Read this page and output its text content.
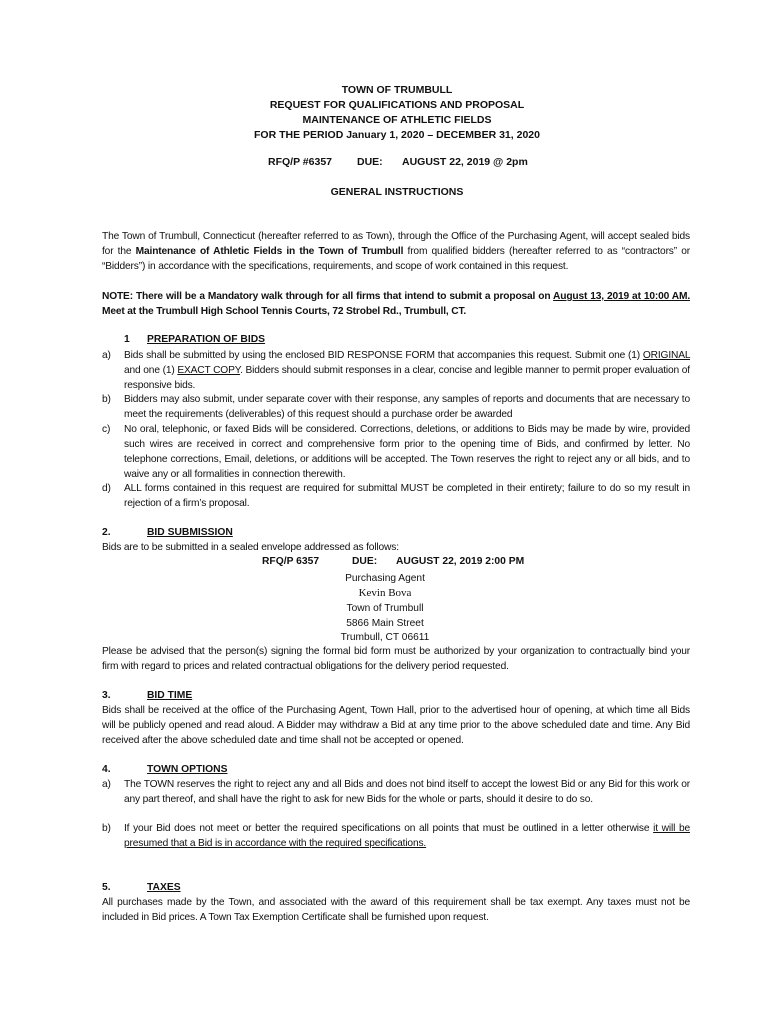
TOWN OF TRUMBULL
REQUEST FOR QUALIFICATIONS AND PROPOSAL
MAINTENANCE OF ATHLETIC FIELDS
FOR THE PERIOD January 1, 2020 – DECEMBER 31, 2020
RFQ/P #6357 DUE: AUGUST 22, 2019 @ 2pm
GENERAL INSTRUCTIONS
The Town of Trumbull, Connecticut (hereafter referred to as Town), through the Office of the Purchasing Agent, will accept sealed bids for the Maintenance of Athletic Fields in the Town of Trumbull from qualified bidders (hereafter referred to as “contractors” or “Bidders”) in accordance with the specifications, requirements, and scope of work contained in this request.
NOTE: There will be a Mandatory walk through for all firms that intend to submit a proposal on August 13, 2019 at 10:00 AM. Meet at the Trumbull High School Tennis Courts, 72 Strobel Rd., Trumbull, CT.
1 PREPARATION OF BIDS
a)	Bids shall be submitted by using the enclosed BID RESPONSE FORM that accompanies this request. Submit one (1) ORIGINAL and one (1) EXACT COPY. Bidders should submit responses in a clear, concise and legible manner to permit proper evaluation of responsive bids.
b)	Bidders may also submit, under separate cover with their response, any samples of reports and documents that are necessary to meet the requirements (deliverables) of this request should a purchase order be awarded
c)	No oral, telephonic, or faxed Bids will be considered. Corrections, deletions, or additions to Bids may be made by wire, provided such wires are received in correct and comprehensive form prior to the opening time of Bids, and confirmed by letter. No telephone corrections, Email, deletions, or additions will be accepted. The Town reserves the right to reject any or all bids, and to waive any or all formalities in connection therewith.
d)	ALL forms contained in this request are required for submittal MUST be completed in their entirety; failure to do so my result in rejection of a firm’s proposal.
2.	BID SUBMISSION
Bids are to be submitted in a sealed envelope addressed as follows:
RFQ/P 6357	DUE: AUGUST 22, 2019 2:00 PM
Purchasing Agent
Kevin Bova
Town of Trumbull
5866 Main Street
Trumbull, CT 06611
Please be advised that the person(s) signing the formal bid form must be authorized by your organization to contractually bind your firm with regard to prices and related contractual obligations for the delivery period requested.
3.	BID TIME
Bids shall be received at the office of the Purchasing Agent, Town Hall, prior to the advertised hour of opening, at which time all Bids will be publicly opened and read aloud. A Bidder may withdraw a Bid at any time prior to the above scheduled date and time. Any Bid received after the above scheduled date and time shall not be accepted or opened.
4.	TOWN OPTIONS
a)	The TOWN reserves the right to reject any and all Bids and does not bind itself to accept the lowest Bid or any Bid for this work or any part thereof, and shall have the right to ask for new Bids for the whole or parts, should it desire to do so.
b)	If your Bid does not meet or better the required specifications on all points that must be outlined in a letter otherwise it will be presumed that a Bid is in accordance with the required specifications.
5.	TAXES
All purchases made by the Town, and associated with the award of this requirement shall be tax exempt. Any taxes must not be included in Bid prices. A Town Tax Exemption Certificate shall be furnished upon request.
